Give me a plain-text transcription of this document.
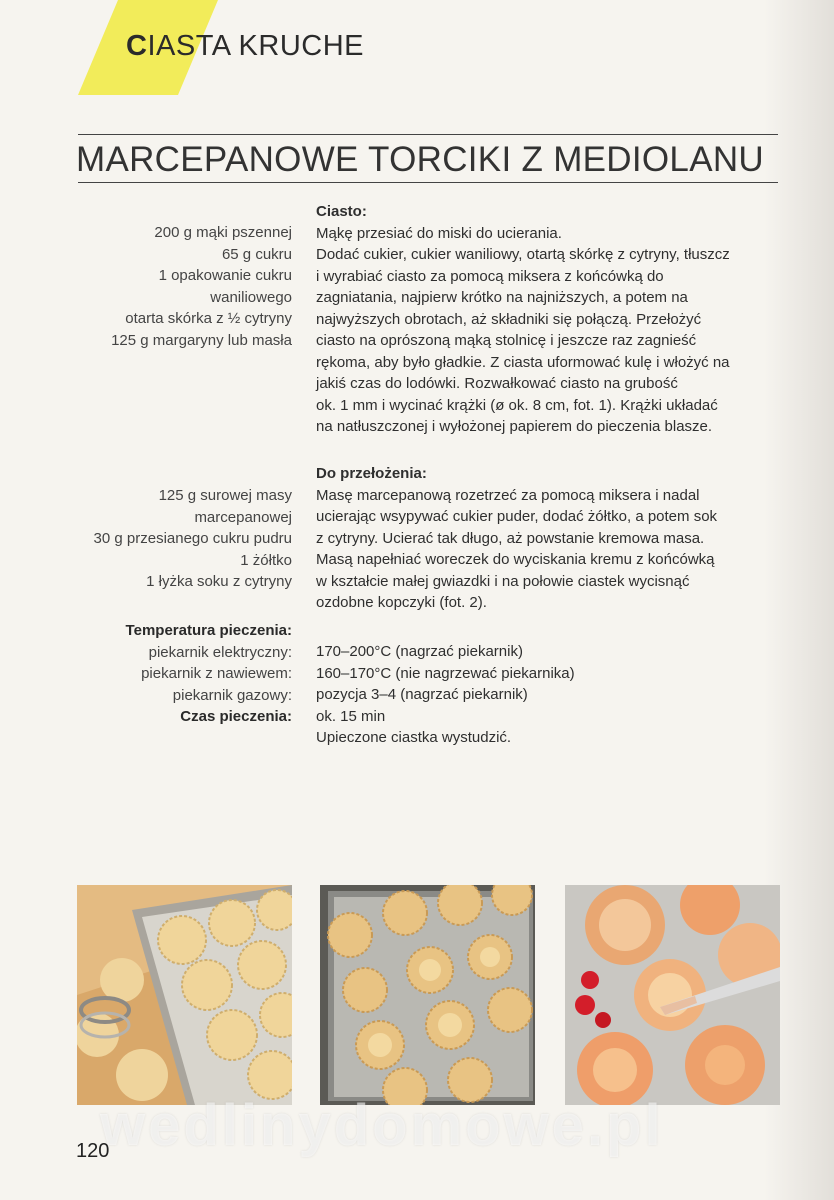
CIASTA KRUCHE
MARCEPANOWE TORCIKI Z MEDIOLANU
200 g mąki pszennej
65 g cukru
1 opakowanie cukru
waniliowego
otarta skórka z ½ cytryny
125 g margaryny lub masła
Ciasto:
Mąkę przesiać do miski do ucierania.
Dodać cukier, cukier waniliowy, otartą skórkę z cytryny, tłuszcz
i wyrabiać ciasto za pomocą miksera z końcówką do
zagniatania, najpierw krótko na najniższych, a potem na
najwyższych obrotach, aż składniki się połączą. Przełożyć
ciasto na oprószoną mąką stolnicę i jeszcze raz zagnieść
rękoma, aby było gładkie. Z ciasta uformować kulę i włożyć na
jakiś czas do lodówki. Rozwałkować ciasto na grubość
ok. 1 mm i wycinać krążki (ø ok. 8 cm, fot. 1). Krążki układać
na natłuszczonej i wyłożonej papierem do pieczenia blasze.
125 g surowej masy
marcepanowej
30 g przesianego cukru pudru
1 żółtko
1 łyżka soku z cytryny
Do przełożenia:
Masę marcepanową rozetrzeć za pomocą miksera i nadal
ucierając wsypywać cukier puder, dodać żółtko, a potem sok
z cytryny. Ucierać tak długo, aż powstanie kremowa masa.
Masą napełniać woreczek do wyciskania kremu z końcówką
w kształcie małej gwiazdki i na połowie ciastek wycisnąć
ozdobne kopczyki (fot. 2).
Temperatura pieczenia:
piekarnik elektryczny:
piekarnik z nawiewem:
piekarnik gazowy:
Czas pieczenia:
170–200°C (nagrzać piekarnik)
160–170°C (nie nagrzewać piekarnika)
pozycja 3–4 (nagrzać piekarnik)
ok. 15 min
Upieczone ciastka wystudzić.

wedlinydomowe.pl

120
